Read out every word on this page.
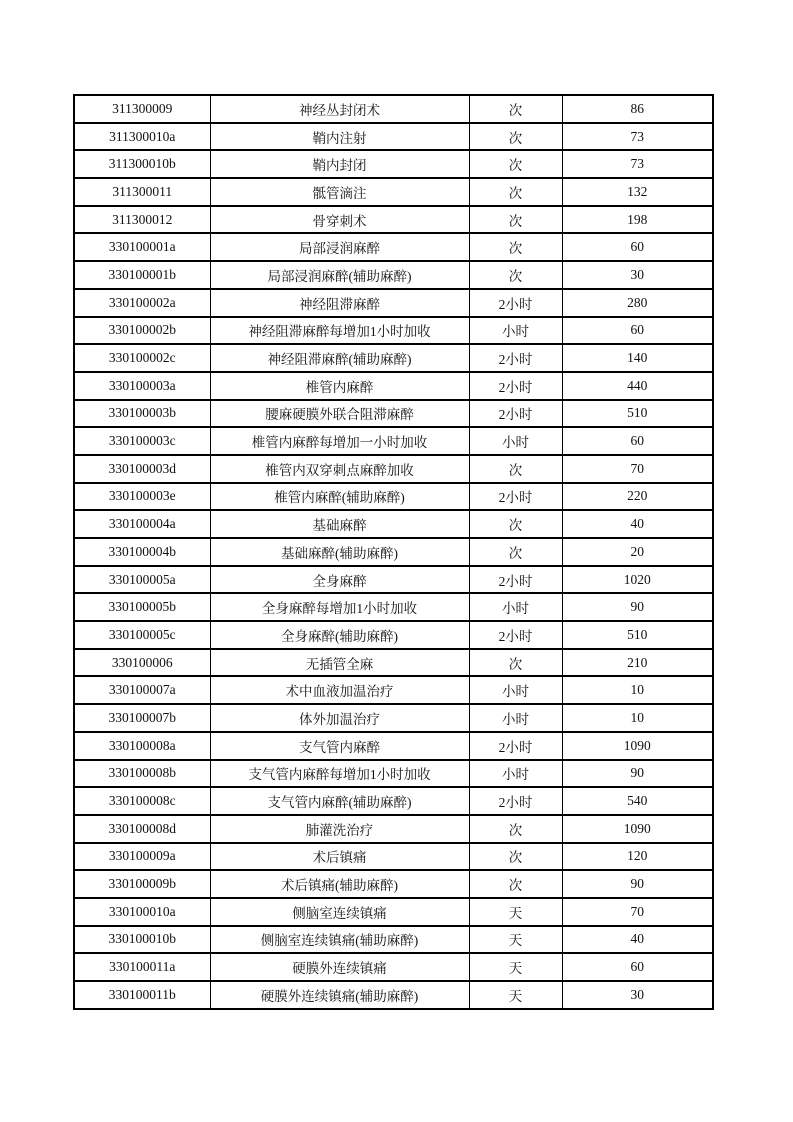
311300009	神经丛封闭术	次	86
311300010a	鞘内注射	次	73
311300010b	鞘内封闭	次	73
311300011	骶管滴注	次	132
311300012	骨穿刺术	次	198
330100001a	局部浸润麻醉	次	60
330100001b	局部浸润麻醉(辅助麻醉)	次	30
330100002a	神经阻滞麻醉	2小时	280
330100002b	神经阻滞麻醉每增加1小时加收	小时	60
330100002c	神经阻滞麻醉(辅助麻醉)	2小时	140
330100003a	椎管内麻醉	2小时	440
330100003b	腰麻硬膜外联合阻滞麻醉	2小时	510
330100003c	椎管内麻醉每增加一小时加收	小时	60
330100003d	椎管内双穿刺点麻醉加收	次	70
330100003e	椎管内麻醉(辅助麻醉)	2小时	220
330100004a	基础麻醉	次	40
330100004b	基础麻醉(辅助麻醉)	次	20
330100005a	全身麻醉	2小时	1020
330100005b	全身麻醉每增加1小时加收	小时	90
330100005c	全身麻醉(辅助麻醉)	2小时	510
330100006	无插管全麻	次	210
330100007a	术中血液加温治疗	小时	10
330100007b	体外加温治疗	小时	10
330100008a	支气管内麻醉	2小时	1090
330100008b	支气管内麻醉每增加1小时加收	小时	90
330100008c	支气管内麻醉(辅助麻醉)	2小时	540
330100008d	肺灌洗治疗	次	1090
330100009a	术后镇痛	次	120
330100009b	术后镇痛(辅助麻醉)	次	90
330100010a	侧脑室连续镇痛	天	70
330100010b	侧脑室连续镇痛(辅助麻醉)	天	40
330100011a	硬膜外连续镇痛	天	60
330100011b	硬膜外连续镇痛(辅助麻醉)	天	30
